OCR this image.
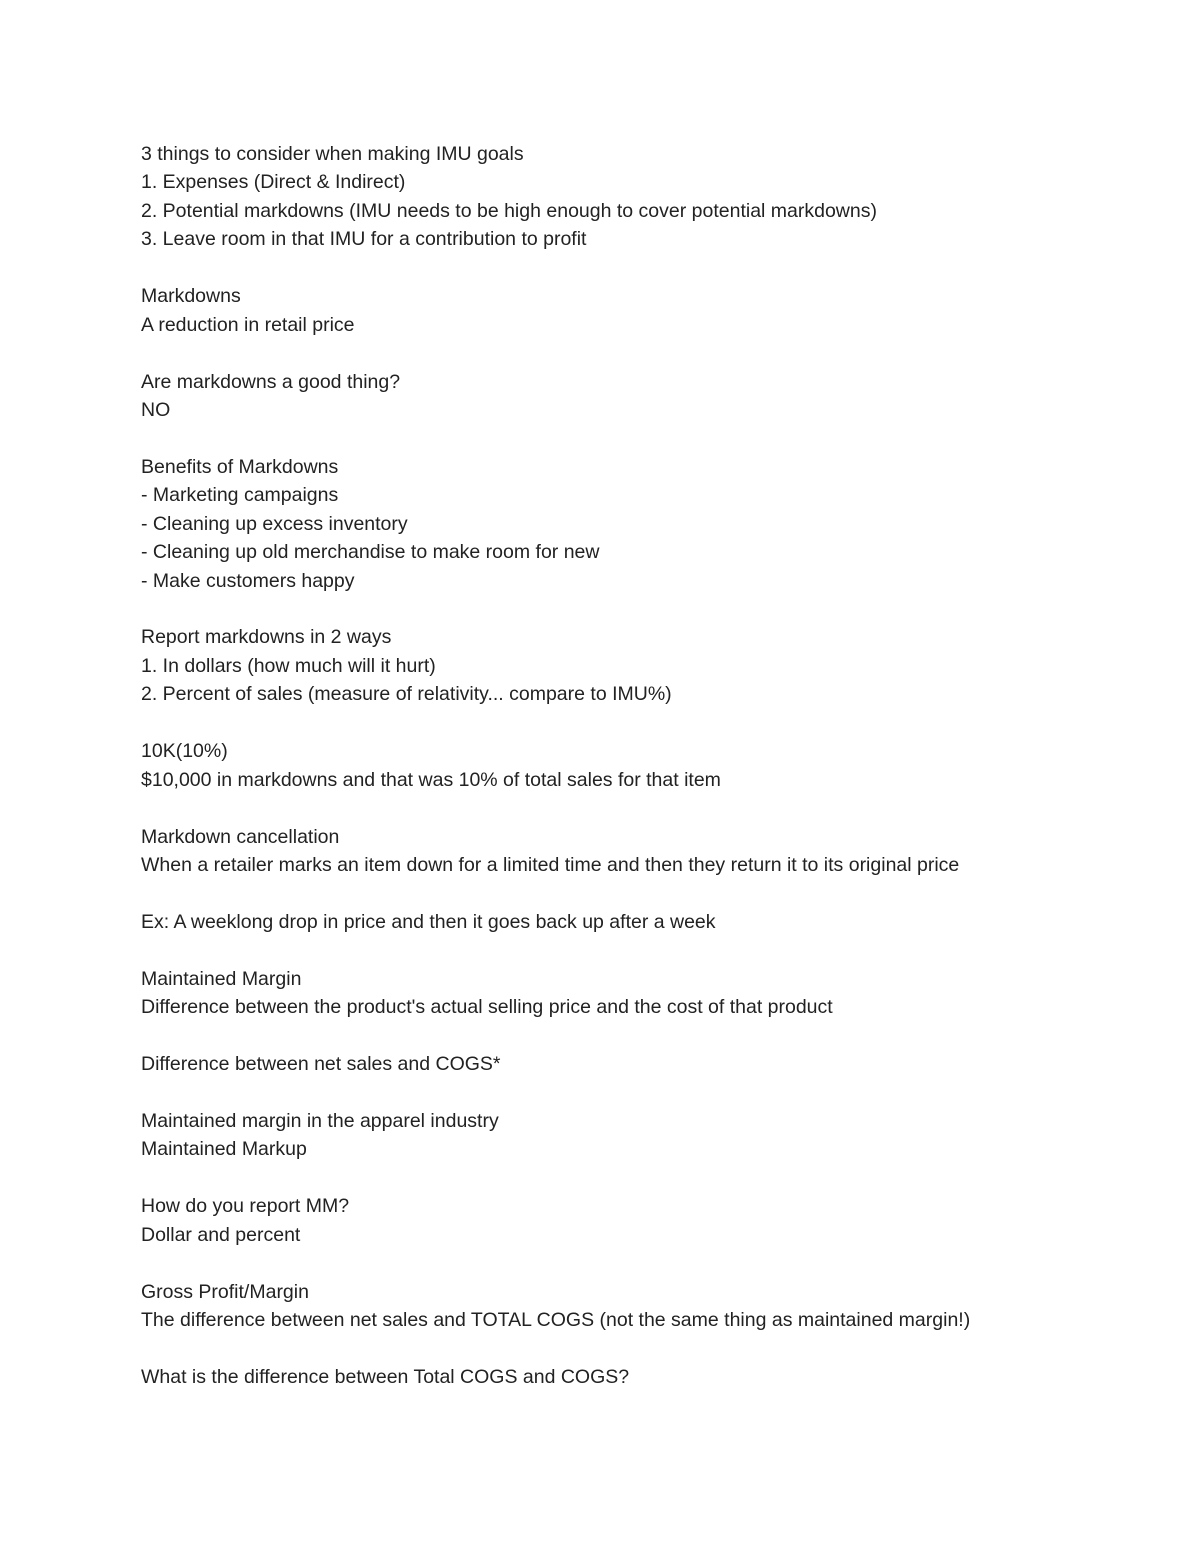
3 things to consider when making IMU goals
1. Expenses (Direct & Indirect)
2. Potential markdowns (IMU needs to be high enough to cover potential markdowns)
3. Leave room in that IMU for a contribution to profit
Markdowns
A reduction in retail price
Are markdowns a good thing?
NO
Benefits of Markdowns
- Marketing campaigns
- Cleaning up excess inventory
- Cleaning up old merchandise to make room for new
- Make customers happy
Report markdowns in 2 ways
1. In dollars (how much will it hurt)
2. Percent of sales (measure of relativity... compare to IMU%)
10K(10%)
$10,000 in markdowns and that was 10% of total sales for that item
Markdown cancellation
When a retailer marks an item down for a limited time and then they return it to its original price
Ex: A weeklong drop in price and then it goes back up after a week
Maintained Margin
Difference between the product's actual selling price and the cost of that product
Difference between net sales and COGS*
Maintained margin in the apparel industry
Maintained Markup
How do you report MM?
Dollar and percent
Gross Profit/Margin
The difference between net sales and TOTAL COGS (not the same thing as maintained margin!)
What is the difference between Total COGS and COGS?
